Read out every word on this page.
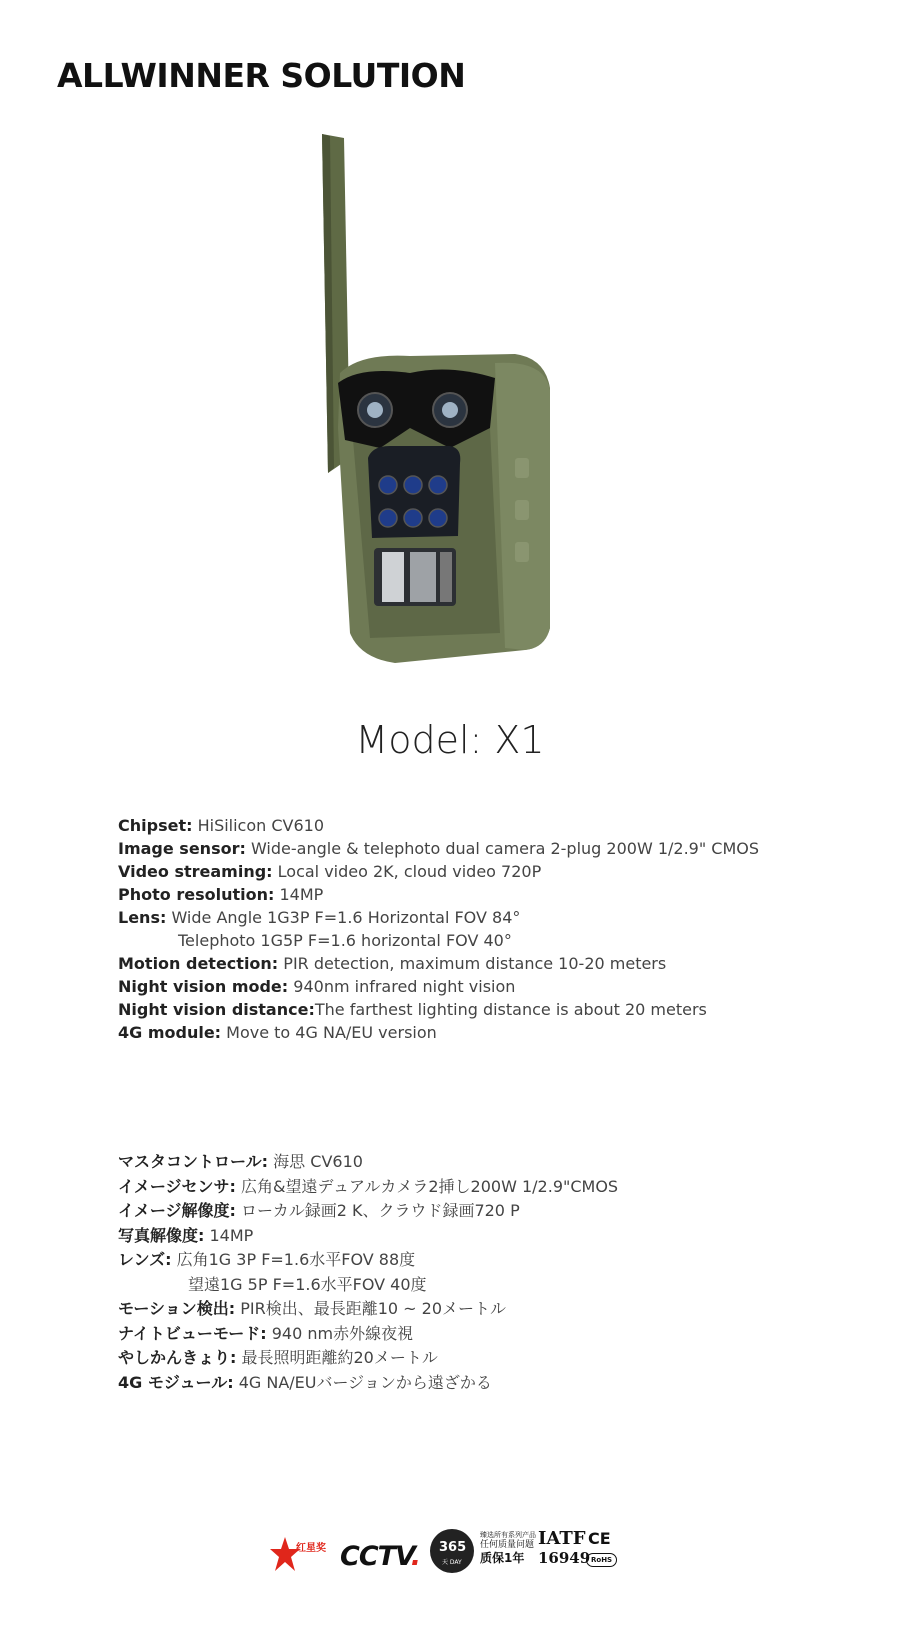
ALLWINNER SOLUTION
Model: X1
Chipset: HiSilicon CV610
Image sensor: Wide-angle & telephoto dual camera 2-plug 200W 1/2.9" CMOS
Video streaming: Local video 2K, cloud video 720P
Photo resolution: 14MP
Lens: Wide Angle 1G3P F=1.6 Horizontal FOV 84°
Telephoto 1G5P F=1.6 horizontal FOV 40°
Motion detection: PIR detection, maximum distance 10-20 meters
Night vision mode: 940nm infrared night vision
Night vision distance:The farthest lighting distance is about 20 meters
4G module: Move to 4G NA/EU version
マスタコントロール: 海思 CV610
イメージセンサ: 広角&望遠デュアルカメラ2挿し200W 1/2.9"CMOS
イメージ解像度: ローカル録画2 K、クラウド録画720 P
写真解像度: 14MP
レンズ: 広角1G 3P F=1.6水平FOV 88度
望遠1G 5P F=1.6水平FOV 40度
モーション検出: PIR検出、最長距離10 ~ 20メートル
ナイトビューモード: 940 nm赤外線夜視
やしかんきょり: 最長照明距離約20メートル
4G モジュール: 4G NA/EUバージョンから遠ざかる
红星奖 CCTV. 365
天 DAY
臻选所有系列产品
任何质量问题
质保1年
IATF
16949
CE
RoHS
